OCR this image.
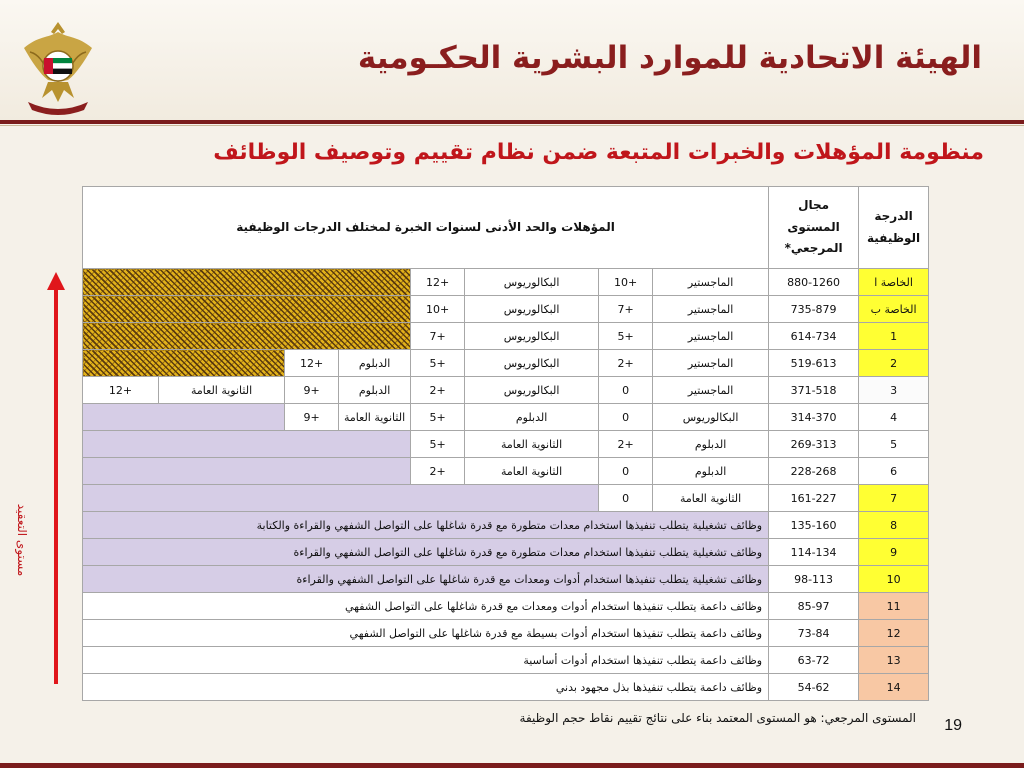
الهيئة الاتحادية للموارد البشرية الحكـومية
منظومة المؤهلات والخبرات المتبعة ضمن نظام تقييم وتوصيف الوظائف
الدرجة الوظيفية	مجال المستوى المرجعي*	المؤهلات والحد الأدنى لسنوات الخبرة لمختلف الدرجات الوظيفية							
الخاصة ا	880-1260	الماجستير	10+	البكالوريوس	12+				
الخاصة ب	735-879	الماجستير	7+	البكالوريوس	10+				
1	614-734	الماجستير	5+	البكالوريوس	7+				
2	519-613	الماجستير	2+	البكالوريوس	5+	الدبلوم	12+		
3	371-518	الماجستير	0	البكالوريوس	2+	الدبلوم	9+	الثانوية العامة	12+
4	314-370	البكالوريوس	0	الدبلوم	5+	الثانوية العامة	9+		
5	269-313	الدبلوم	2+	الثانوية العامة	5+				
6	228-268	الدبلوم	0	الثانوية العامة	2+				
7	161-227	الثانوية العامة	0						
8	135-160	وظائف تشغيلية يتطلب تنفيذها استخدام معدات متطورة مع قدرة شاغلها على التواصل الشفهي والقراءة والكتابة							
9	114-134	وظائف تشغيلية يتطلب تنفيذها استخدام معدات متطورة مع قدرة شاغلها على التواصل الشفهي والقراءة							
10	98-113	وظائف تشغيلية يتطلب تنفيذها استخدام أدوات ومعدات مع قدرة شاغلها على التواصل الشفهي والقراءة							
11	85-97	وظائف داعمة يتطلب تنفيذها استخدام أدوات ومعدات مع قدرة شاغلها على التواصل الشفهي							
12	73-84	وظائف داعمة يتطلب تنفيذها استخدام أدوات بسيطة مع قدرة شاغلها على التواصل الشفهي							
13	63-72	وظائف داعمة يتطلب تنفيذها استخدام أدوات أساسية							
14	54-62	وظائف داعمة يتطلب تنفيذها بذل مجهود بدني							
مستوى التعقيد

المستوى المرجعي: هو المستوى المعتمد بناء على نتائج تقييم نقاط حجم الوظيفة 19
